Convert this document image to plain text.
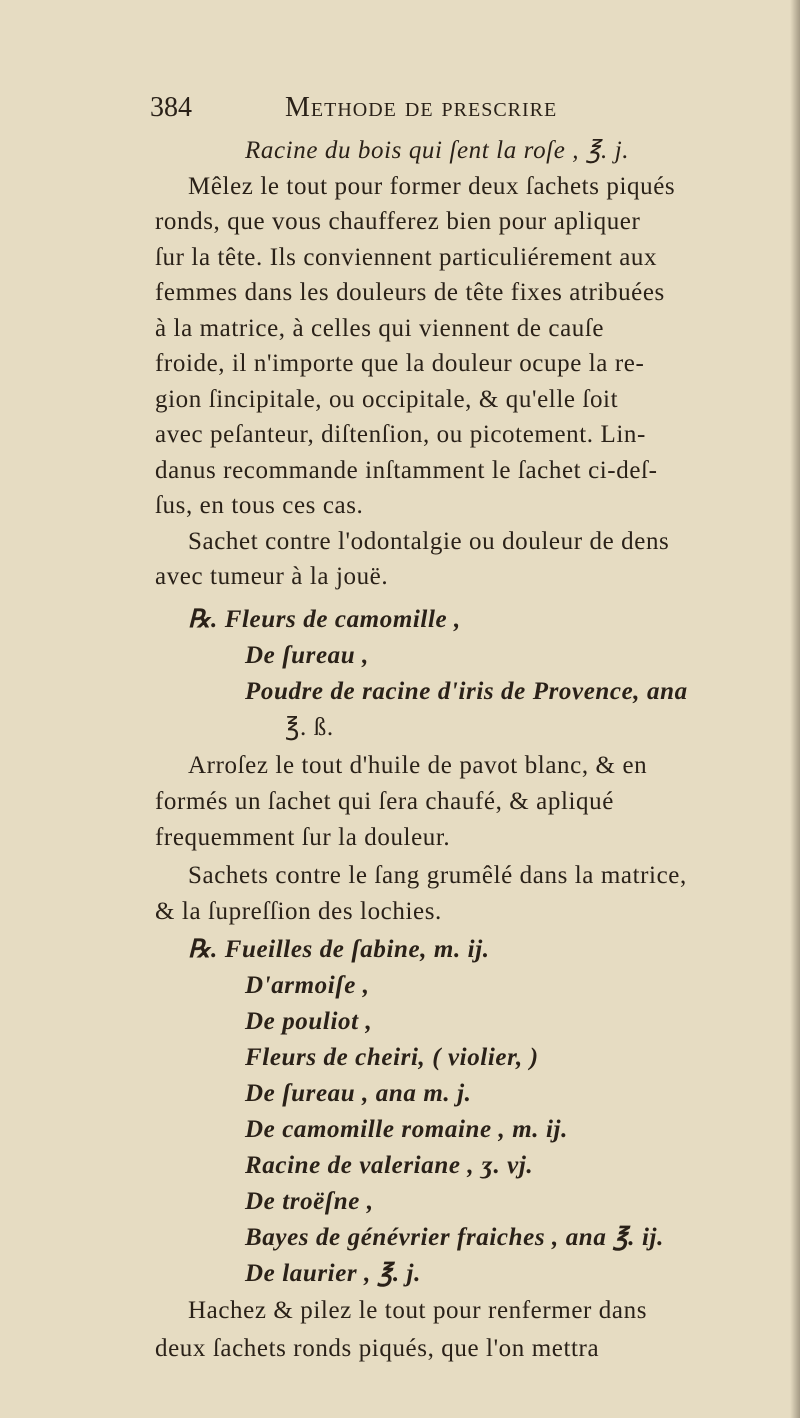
384	Methode de prescrire
Racine du bois qui ſent la roſe , ℥. j.
Mêlez le tout pour former deux ſachets piqués
ronds, que vous chaufferez bien pour apliquer
ſur la tête. Ils conviennent particuliérement aux
femmes dans les douleurs de tête fixes atribuées
à la matrice, à celles qui viennent de cauſe
froide, il n'importe que la douleur ocupe la re-
gion ſincipitale, ou occipitale, & qu'elle ſoit
avec peſanteur, diſtenſion, ou picotement. Lin-
danus recommande inſtamment le ſachet ci-deſ-
ſus, en tous ces cas.
Sachet contre l'odontalgie ou douleur de dens
avec tumeur à la jouë.
℞. Fleurs de camomille ,
De ſureau ,
Poudre de racine d'iris de Provence, ana
℥. ß.
Arroſez le tout d'huile de pavot blanc, & en
formés un ſachet qui ſera chaufé, & apliqué
frequemment ſur la douleur.
Sachets contre le ſang grumêlé dans la matrice,
& la ſupreſſion des lochies.
℞. Fueilles de ſabine, m. ij.
D'armoiſe ,
De pouliot ,
Fleurs de cheiri, ( violier, )
De ſureau , ana m. j.
De camomille romaine , m. ij.
Racine de valeriane , ʒ. vj.
De troëſne ,
Bayes de génévrier fraiches , ana ℥. ij.
De laurier , ℥. j.
Hachez & pilez le tout pour renfermer dans
deux ſachets ronds piqués, que l'on mettra
